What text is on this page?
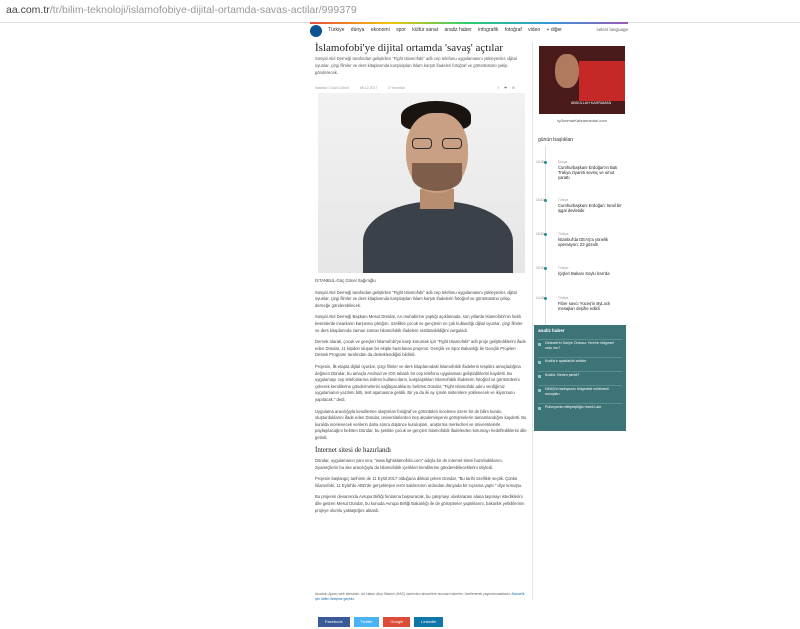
aa.com.tr/tr/bilim-teknoloji/islamofobiye-dijital-ortamda-savas-actilar/999379
Türkiye dünya ekonomi spor kültür sanat analiz haber infografik fotoğraf video + diğer	select language
İslamofobi'ye dijital ortamda 'savaş' açtılar
Sosyal Akıl Derneği tarafından geliştirilen "Fight Islamofobi" adlı cep telefonu uygulamasını yükleyenler, dijital oyunlar, çizgi filmler ve ders kitaplarında karşılaşılan İslam karşıtı ifadeleri fotoğraf ve görüntüsünü çekip gönderecek.
Istanbul / Gözü Gönül	06.12.2017	0 Yorumlar	f ❤ ✉

İSTANBUL-Güç Gönel Sağıroğlu

Sosyal Akıl Derneği tarafından geliştirilen "Fight Islamofobi" adlı cep telefonu uygulamasını yükleyenler, dijital oyunlar, çizgi filmler ve ders kitaplarında karşılaşılan İslam karşıtı ifadelerin fotoğraf ve görüntüsünü çekip, derneğe gönderebilecek.

Sosyal Akıl Derneği Başkanı Mesut Dündar, AA muhabirine yaptığı açıklamada, son yıllarda İslamofobi'nin farklı kesimlerde insanların karşısına çıktığını, özellikle çocuk ve gençlerin en çok kullandığı dijital oyunlar, çizgi filmler ve ders kitaplarında zaman zaman İslamofobik ifadelere rastlanabildiğini vurguladı.

Dernek olarak, çocuk ve gençleri İslamofobi'ye karşı korumak için "Fight Islamofobi" adlı proje geliştirdiklerini ifade eden Dündar, 11 kişiden oluşan bir ekiple hazırlanan projenin, Gençlik ve Spor Bakanlığı ile Gençlik Projeleri Destek Programı tarafından da desteklendiğini bildirdi.

Projenin, ilk etapta dijital oyunlar, çizgi filmler ve ders kitaplarındaki İslamofobik ifadelerin tespitini amaçladığına değinen Dündar, bu amaçla Android ve IOS tabanlı bir cep telefonu uygulaması geliştirdiklerini kaydetti. Bu uygulamayı cep telefonlarına indiren kullanıcıların, karşılaştıkları İslamofobik ifadelerin fotoğraf ve görüntülerini çekerek kendilerine göndermelerini sağlayacaklarını belirten Dündar, "Fight Islamofobi adını verdiğimiz uygulamanın yazılımı bitti, test aşamasına geldik. Bir ya da iki ay içinde sistemlere yüklenecek ve ikiyorsunu yapılacak." dedi.

Uygulama aracılığıyla kendilerine ulaştırılan fotoğraf ve görüntüleri inceleme üzere bir de bilim kurulu oluşturduklarını ifade eden Dündar, üniversitelerden beş akademisyenin görüşmelerin tamamlandığını kaydetti. Bu kurulda incelenecek verilerin daha sonra düşünce kuruluşları, araştırma merkezleri ve üniversitelerle paylaşılacağını belirten Dündar, bu şekilde çocuk ve gençleri İslamofobik ifadelerden korumayı hedeflediklerini dile getirdi.

İnternet sitesi de hazırlandı

Dündar, uygulamanın yanı sıra, "www.fightislamofobi.com" adıyla bir de internet sitesi hazırladıklarını, ziyaretçilerin bu site aracılığıyla da İslamofobik içerikleri kendilerine gönderebileceklerini söyledi.

Projenin başlangıç tarihinin de 11 Eylül 2017 olduğuna dikkati çeken Dündar, "Bu tarihi özellikle seçtik. Çünkü İslamofobi, 11 Eylül'de ABD'de gerçekleşen terör saldırısının ardından dünyada bir sıçrama yaptı." diye konuştu.

Bu projenin devamında Avrupa Birliği fonlarına başvuracak, bu çalışmayı uluslararası alana taşımayı istediklerini dile getiren Mesut Dündar, bu konuda Avrupa Birliği Bakanlığı ile de görüşmeler yaptıklarını, bakanlık yetkililerinin projeye olumlu yaklaştığını aktardı.

Anadolu Ajansı web sitesinde, AA Haber Akış Sistemi (HAS) üzerinden abonelere sunulan haberler, özetlenerek yayımlanmaktadır. Abonelik için lütfen iletişime geçiniz.
Facebook	Twitter	Google	Linkedin
ABDULLAH KAHRAMAN
ty/AmmarKahramanlari.com
günün başlıkları
16:30	Dünya
Cumhurbaşkanı Erdoğan'ın Batı Trakya ziyareti sevinç ve umut yarattı
16:10	Türkiye
Cumhurbaşkanı Erdoğan: İsrail bir işgal devletidir
15:50	Türkiye
İstanbul'da DEAŞ'a yönelik operasyon: 23 gözaltı
15:20	Türkiye
İçişleri Bakanı Soylu İran'da
14:40	Türkiye
Fiber savcı Yüceş'in ByLock mesajları deşifre edildi
analiz haber
Gelecek'in Suriye Ordusu: Yeni bir bölgesel ordu mu?
Kudüs'e ayaklaklık sebibe
Kudüs: Neden şimdi?
DEAŞ'ın tarihyazısı bölgedeki mültimedi sonuçları
Polonya'da milliyetçiliğin resmi Lale
